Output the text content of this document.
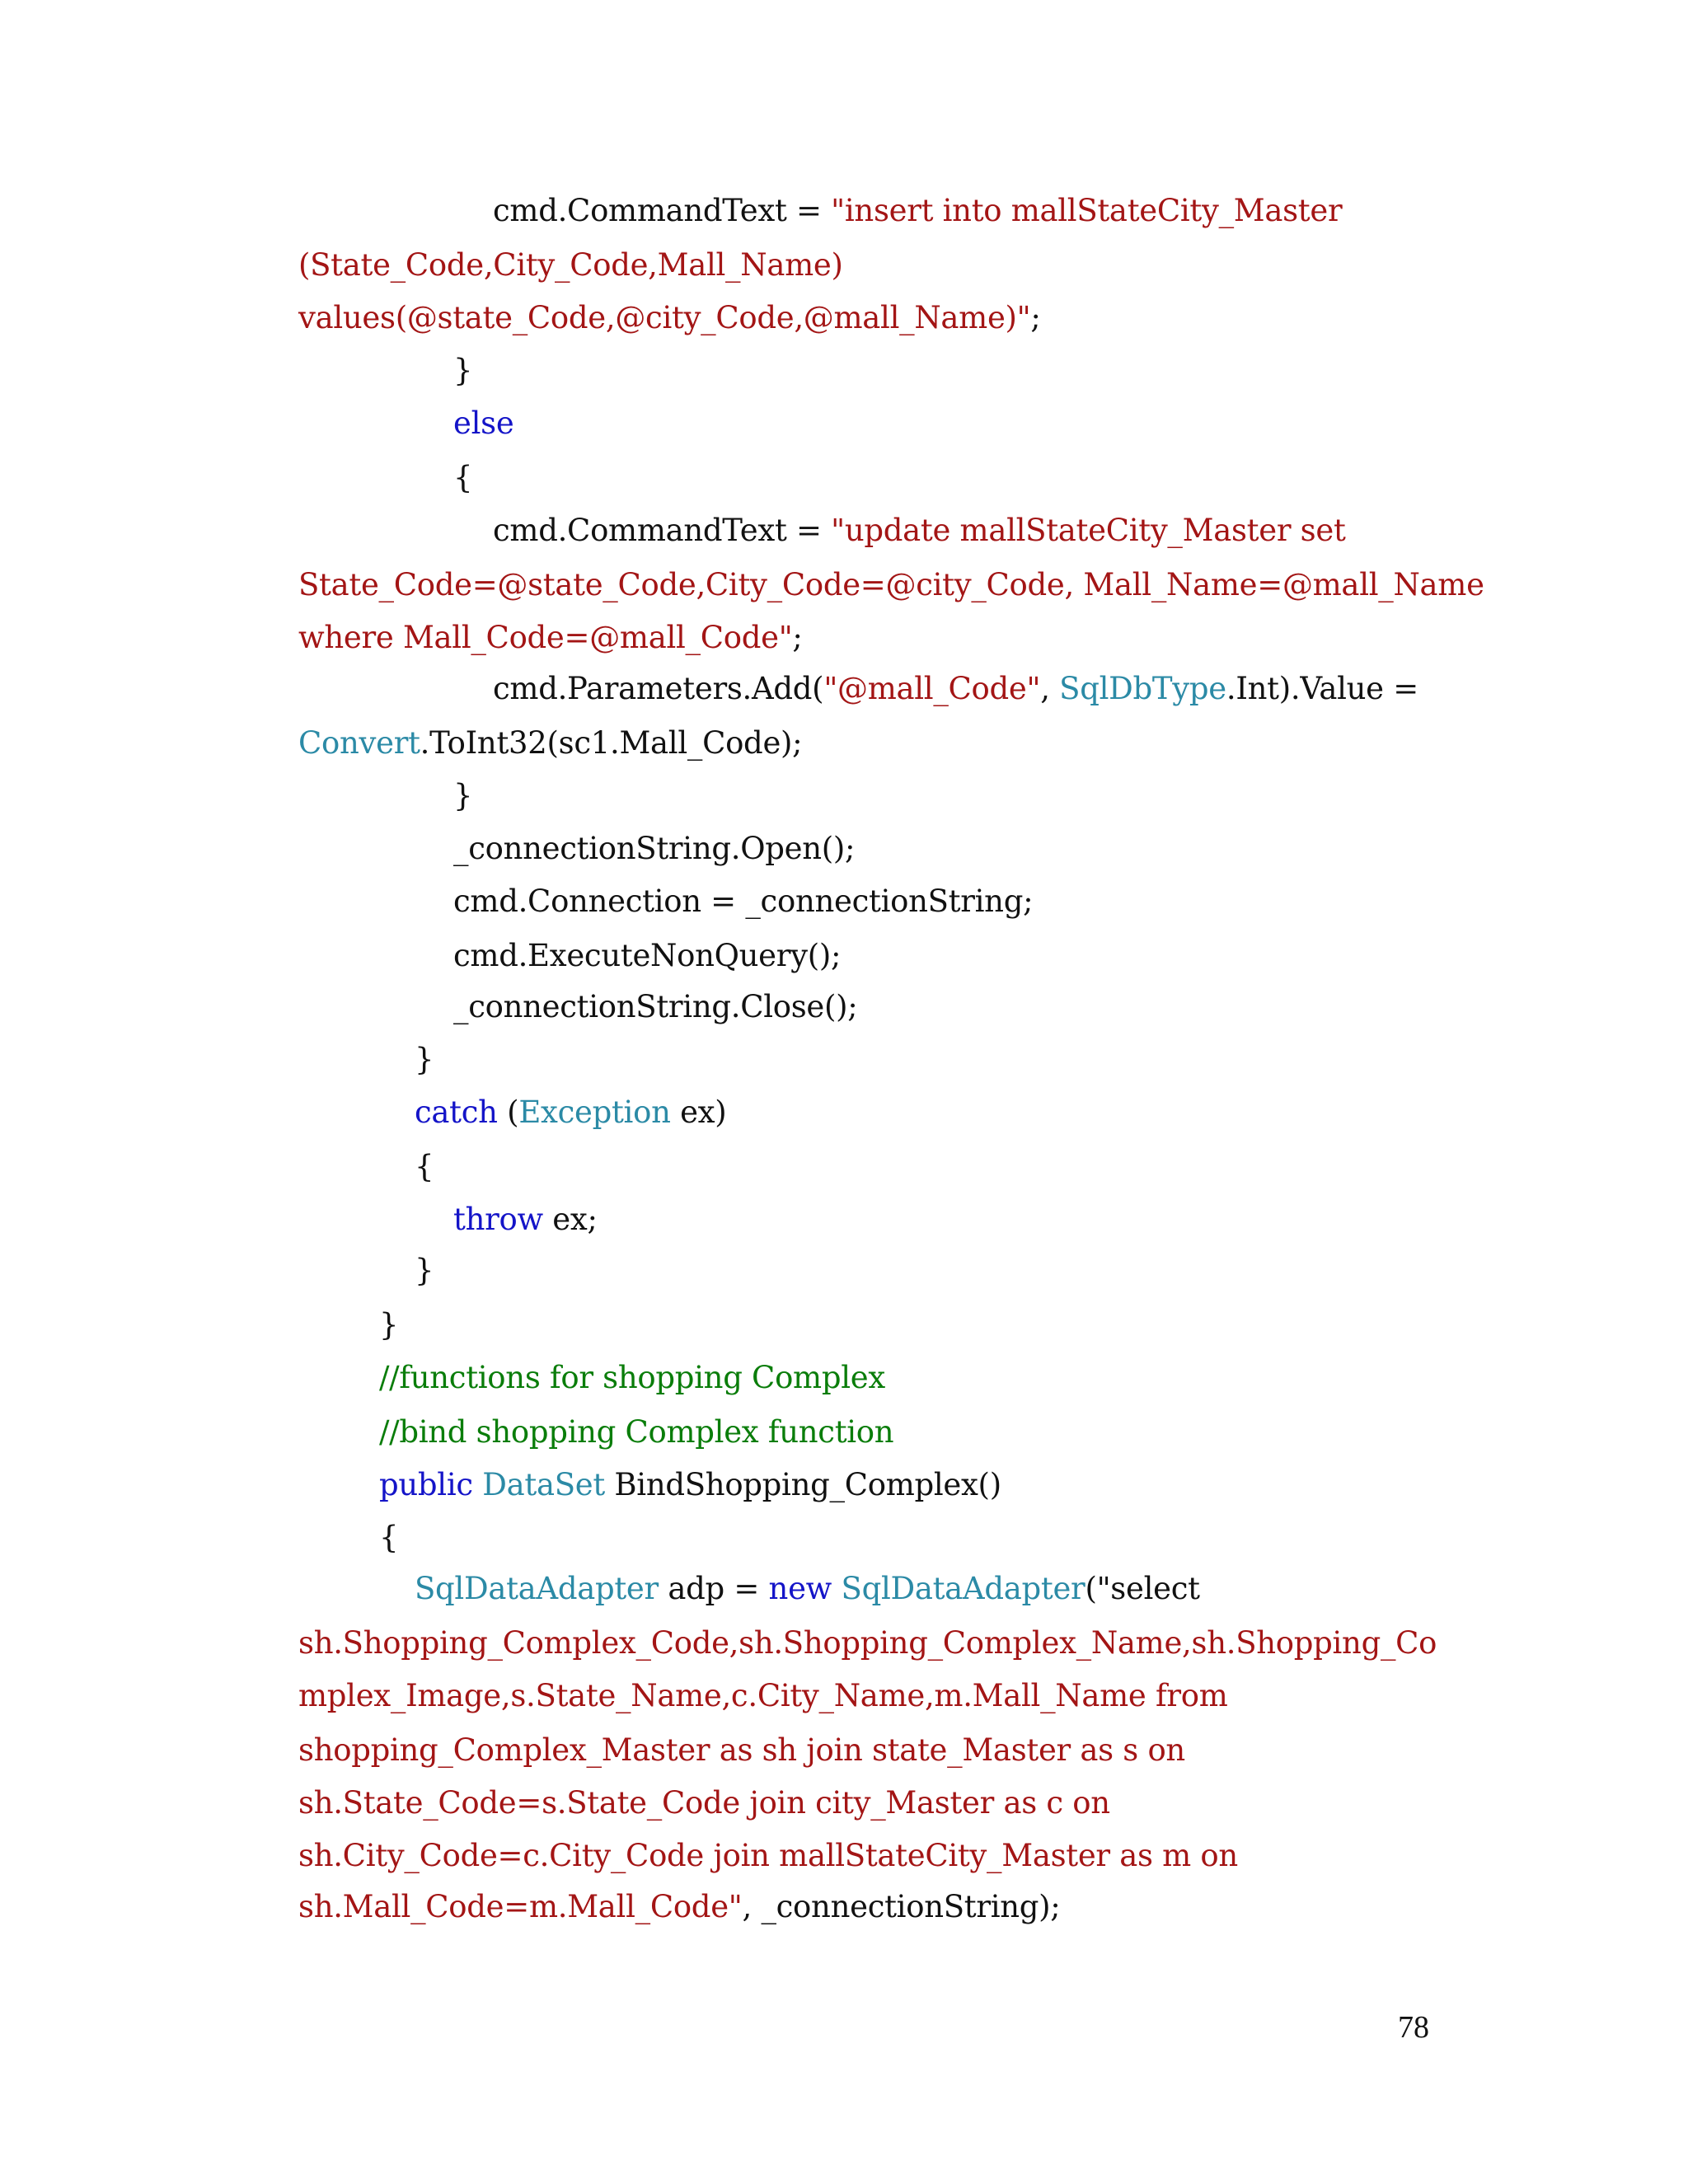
cmd.CommandText = "insert into mallStateCity_Master
(State_Code,City_Code,Mall_Name)
values(@state_Code,@city_Code,@mall_Name)";
}
else
{
cmd.CommandText = "update mallStateCity_Master set
State_Code=@state_Code,City_Code=@city_Code, Mall_Name=@mall_Name
where Mall_Code=@mall_Code";
cmd.Parameters.Add("@mall_Code", SqlDbType.Int).Value =
Convert.ToInt32(sc1.Mall_Code);
}
_connectionString.Open();
cmd.Connection = _connectionString;
cmd.ExecuteNonQuery();
_connectionString.Close();
}
catch (Exception ex)
{
throw ex;
}
}
//functions for shopping Complex
//bind shopping Complex function
public DataSet BindShopping_Complex()
{
SqlDataAdapter adp = new SqlDataAdapter("select
sh.Shopping_Complex_Code,sh.Shopping_Complex_Name,sh.Shopping_Co
mplex_Image,s.State_Name,c.City_Name,m.Mall_Name from
shopping_Complex_Master as sh join state_Master as s on
sh.State_Code=s.State_Code join city_Master as c on
sh.City_Code=c.City_Code join mallStateCity_Master as m on
sh.Mall_Code=m.Mall_Code", _connectionString);
78
